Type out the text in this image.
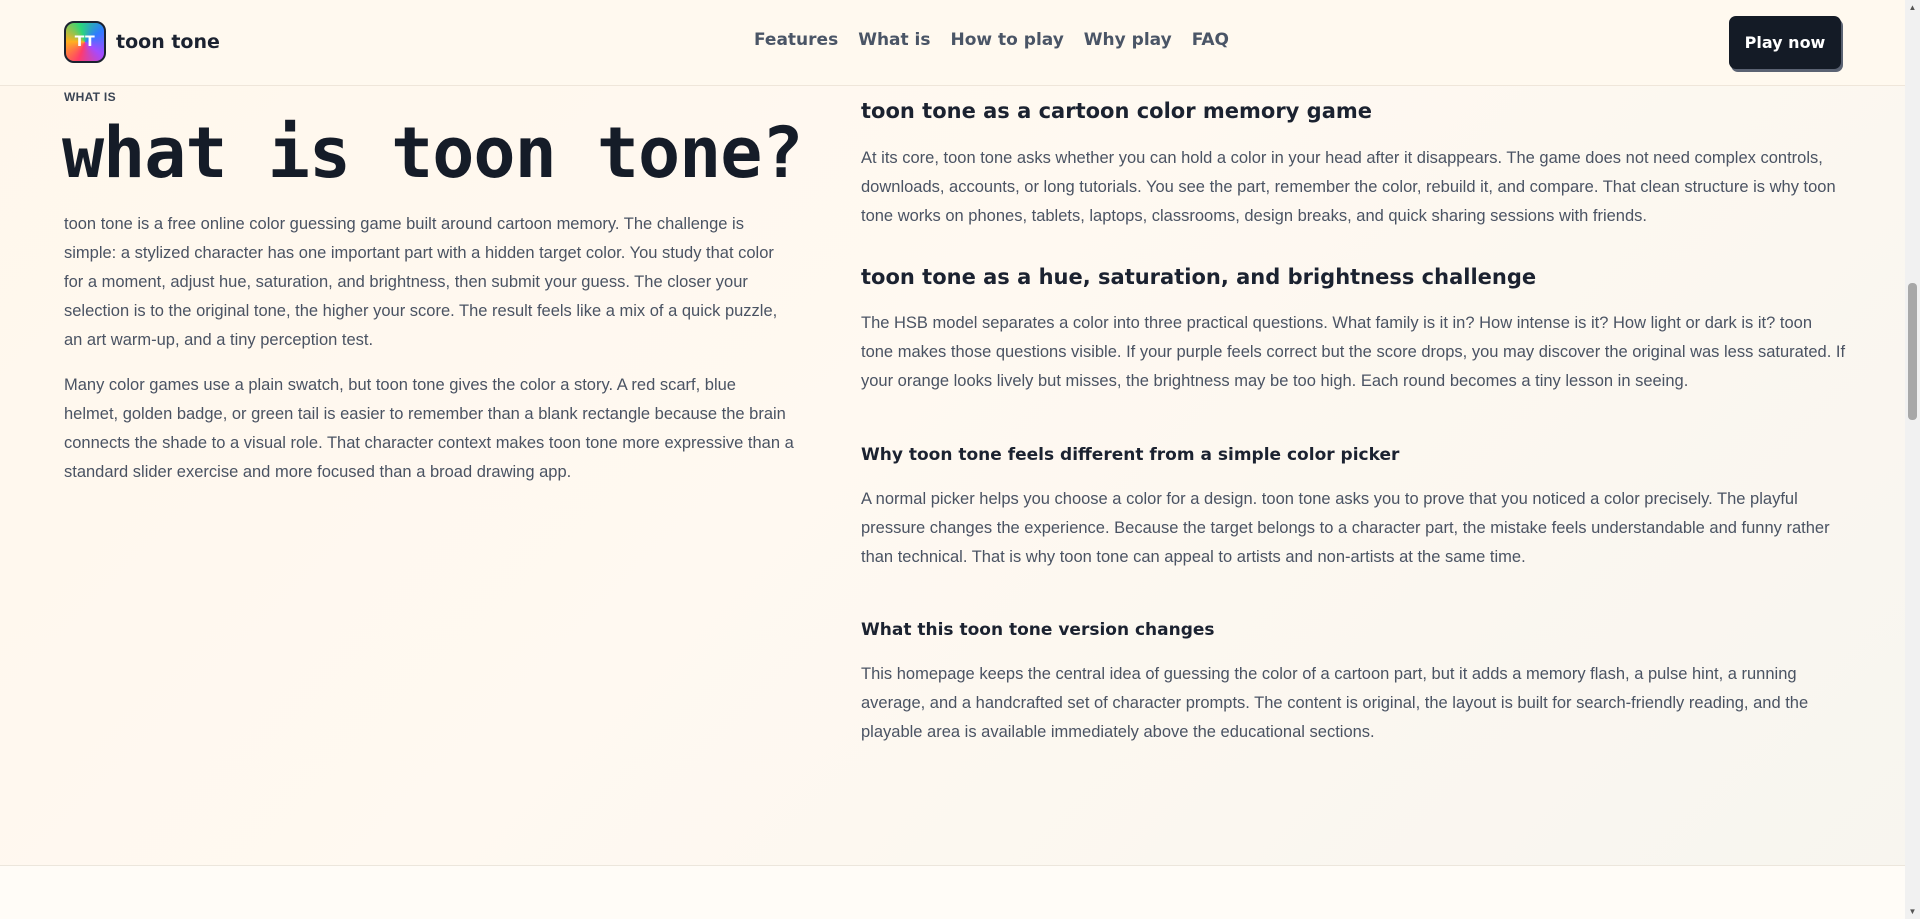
TT	toon tone	Features What is How to play Why play FAQ	Play now
WHAT IS
what is toon tone?

toon tone is a free online color guessing game built around cartoon memory. The challenge is simple: a stylized character has one important part with a hidden target color. You study that color for a moment, adjust hue, saturation, and brightness, then submit your guess. The closer your selection is to the original tone, the higher your score. The result feels like a mix of a quick puzzle, an art warm-up, and a tiny perception test.

Many color games use a plain swatch, but toon tone gives the color a story. A red scarf, blue helmet, golden badge, or green tail is easier to remember than a blank rectangle because the brain connects the shade to a visual role. That character context makes toon tone more expressive than a standard slider exercise and more focused than a broad drawing app.

toon tone as a cartoon color memory game

At its core, toon tone asks whether you can hold a color in your head after it disappears. The game does not need complex controls, downloads, accounts, or long tutorials. You see the part, remember the color, rebuild it, and compare. That clean structure is why toon tone works on phones, tablets, laptops, classrooms, design breaks, and quick sharing sessions with friends.

toon tone as a hue, saturation, and brightness challenge

The HSB model separates a color into three practical questions. What family is it in? How intense is it? How light or dark is it? toon tone makes those questions visible. If your purple feels correct but the score drops, you may discover the original was less saturated. If your orange looks lively but misses, the brightness may be too high. Each round becomes a tiny lesson in seeing.

Why toon tone feels different from a simple color picker

A normal picker helps you choose a color for a design. toon tone asks you to prove that you noticed a color precisely. The playful pressure changes the experience. Because the target belongs to a character part, the mistake feels understandable and funny rather than technical. That is why toon tone can appeal to artists and non-artists at the same time.

What this toon tone version changes

This homepage keeps the central idea of guessing the color of a cartoon part, but it adds a memory flash, a pulse hint, a running average, and a handcrafted set of character prompts. The content is original, the layout is built for search-friendly reading, and the playable area is available immediately above the educational sections.

▲
▼
